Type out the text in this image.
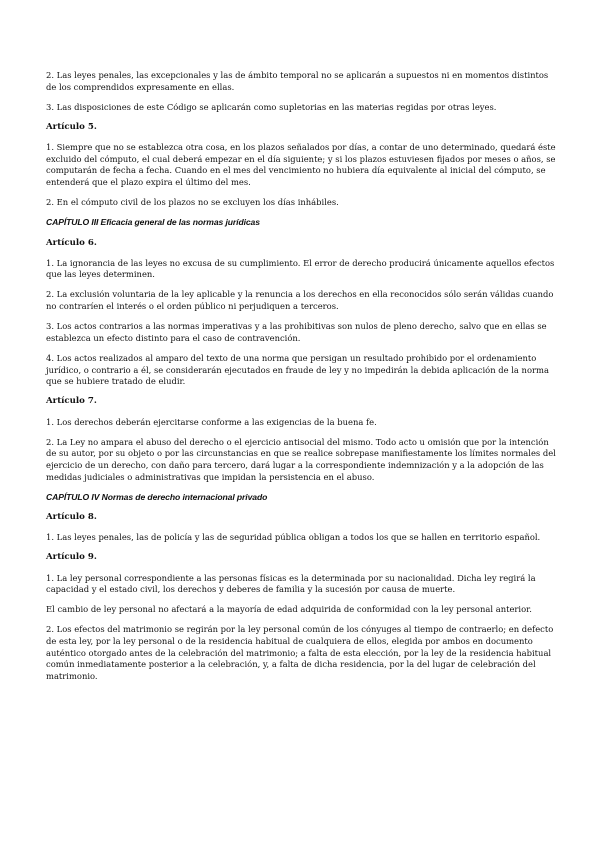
2. Las leyes penales, las excepcionales y las de ámbito temporal no se aplicarán a supuestos ni en momentos distintos de los comprendidos expresamente en ellas.

3. Las disposiciones de este Código se aplicarán como supletorias en las materias regidas por otras leyes.

Artículo 5.

1. Siempre que no se establezca otra cosa, en los plazos señalados por días, a contar de uno determinado, quedará éste excluido del cómputo, el cual deberá empezar en el día siguiente; y si los plazos estuviesen fijados por meses o años, se computarán de fecha a fecha. Cuando en el mes del vencimiento no hubiera día equivalente al inicial del cómputo, se entenderá que el plazo expira el último del mes.

2. En el cómputo civil de los plazos no se excluyen los días inhábiles.

CAPÍTULO III Eficacia general de las normas jurídicas

Artículo 6.

1. La ignorancia de las leyes no excusa de su cumplimiento. El error de derecho producirá únicamente aquellos efectos que las leyes determinen.

2. La exclusión voluntaria de la ley aplicable y la renuncia a los derechos en ella reconocidos sólo serán válidas cuando no contraríen el interés o el orden público ni perjudiquen a terceros.

3. Los actos contrarios a las normas imperativas y a las prohibitivas son nulos de pleno derecho, salvo que en ellas se establezca un efecto distinto para el caso de contravención.

4. Los actos realizados al amparo del texto de una norma que persigan un resultado prohibido por el ordenamiento jurídico, o contrario a él, se considerarán ejecutados en fraude de ley y no impedirán la debida aplicación de la norma que se hubiere tratado de eludir.

Artículo 7.

1. Los derechos deberán ejercitarse conforme a las exigencias de la buena fe.

2. La Ley no ampara el abuso del derecho o el ejercicio antisocial del mismo. Todo acto u omisión que por la intención de su autor, por su objeto o por las circunstancias en que se realice sobrepase manifiestamente los límites normales del ejercicio de un derecho, con daño para tercero, dará lugar a la correspondiente indemnización y a la adopción de las medidas judiciales o administrativas que impidan la persistencia en el abuso.

CAPÍTULO IV Normas de derecho internacional privado

Artículo 8.

1. Las leyes penales, las de policía y las de seguridad pública obligan a todos los que se hallen en territorio español.

Artículo 9.

1. La ley personal correspondiente a las personas físicas es la determinada por su nacionalidad. Dicha ley regirá la capacidad y el estado civil, los derechos y deberes de familia y la sucesión por causa de muerte.

El cambio de ley personal no afectará a la mayoría de edad adquirida de conformidad con la ley personal anterior.

2. Los efectos del matrimonio se regirán por la ley personal común de los cónyuges al tiempo de contraerlo; en defecto de esta ley, por la ley personal o de la residencia habitual de cualquiera de ellos, elegida por ambos en documento auténtico otorgado antes de la celebración del matrimonio; a falta de esta elección, por la ley de la residencia habitual común inmediatamente posterior a la celebración, y, a falta de dicha residencia, por la del lugar de celebración del matrimonio.
